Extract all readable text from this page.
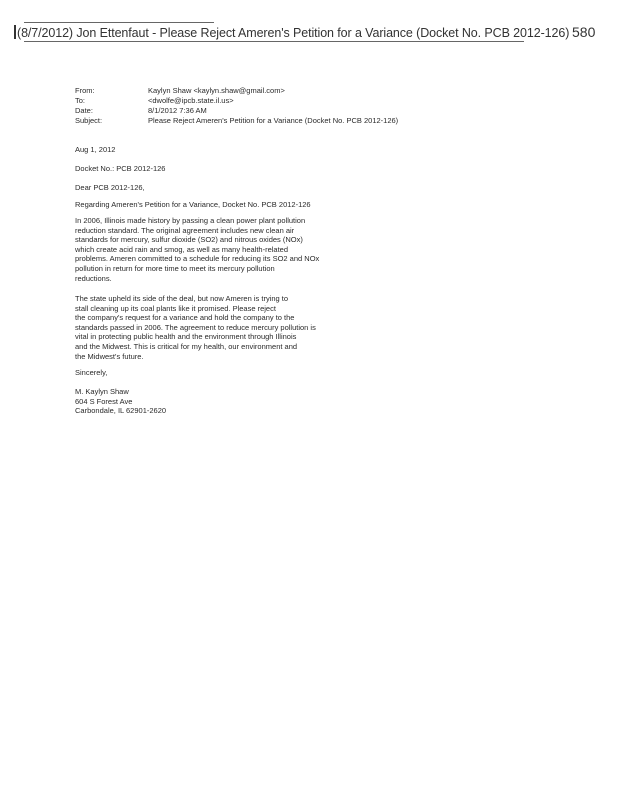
(8/7/2012) Jon Ettenfaut - Please Reject Ameren's Petition for a Variance (Docket No. PCB 2012-126) 580
From:	Kaylyn Shaw <kaylyn.shaw@gmail.com>
To:	<dwolfe@ipcb.state.il.us>
Date:	8/1/2012 7:36 AM
Subject:	Please Reject Ameren's Petition for a Variance (Docket No. PCB 2012-126)
Aug 1, 2012
Docket No.: PCB 2012-126
Dear PCB 2012-126,
Regarding Ameren's Petition for a Variance, Docket No. PCB 2012-126

In 2006, Illinois made history by passing a clean power plant pollution

reduction standard. The original agreement includes new clean air

standards for mercury, sulfur dioxide (SO2) and nitrous oxides (NOx)

which create acid rain and smog, as well as many health-related

problems. Ameren committed to a schedule for reducing its SO2 and NOx

pollution in return for more time to meet its mercury pollution

reductions.

The state upheld its side of the deal, but now Ameren is trying to

stall cleaning up its coal plants like it promised. Please reject

the company's request for a variance and hold the company to the

standards passed in 2006. The agreement to reduce mercury pollution is

vital in protecting public health and the environment through Illinois

and the Midwest. This is critical for my health, our environment and

the Midwest's future.

Sincerely,

M. Kaylyn Shaw

604 S Forest Ave

Carbondale, IL 62901-2620
